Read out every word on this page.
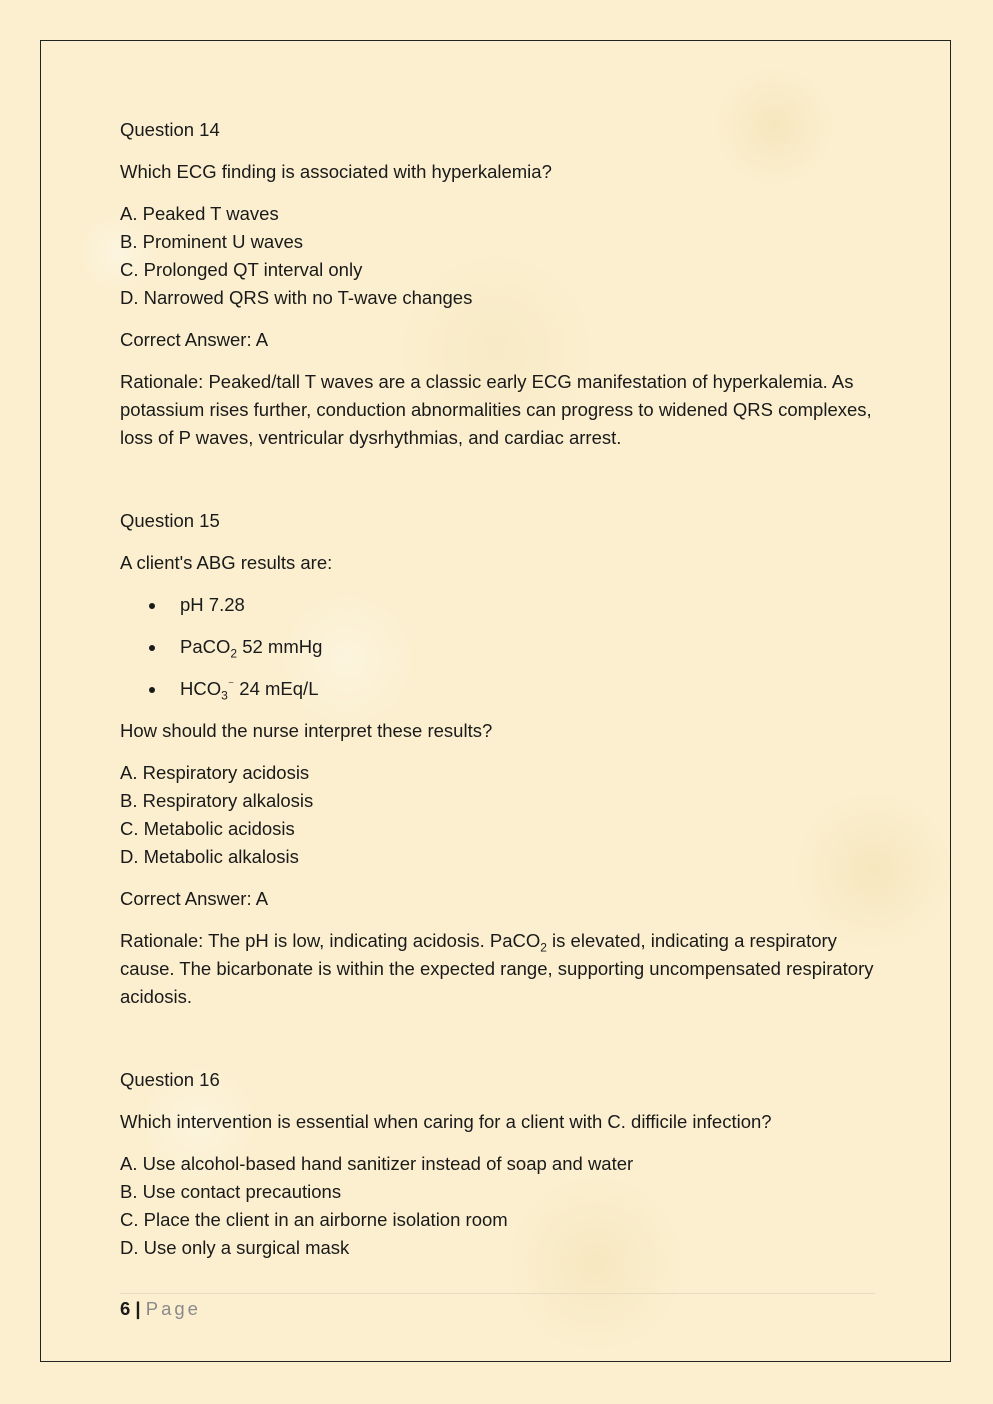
Question 14

Which ECG finding is associated with hyperkalemia?

A. Peaked T waves
B. Prominent U waves
C. Prolonged QT interval only
D. Narrowed QRS with no T-wave changes

Correct Answer: A

Rationale: Peaked/tall T waves are a classic early ECG manifestation of hyperkalemia. As potassium rises further, conduction abnormalities can progress to widened QRS complexes, loss of P waves, ventricular dysrhythmias, and cardiac arrest.

Question 15

A client's ABG results are:

pH 7.28
PaCO$_2$ 52 mmHg
$HCO_3^{^-}$ 24 mEq/L

How should the nurse interpret these results?

A. Respiratory acidosis
B. Respiratory alkalosis
C. Metabolic acidosis
D. Metabolic alkalosis

Correct Answer: A

Rationale: The pH is low, indicating acidosis. PaCO$_2$ is elevated, indicating a respiratory cause. The bicarbonate is within the expected range, supporting uncompensated respiratory acidosis.

Question 16

Which intervention is essential when caring for a client with C. difficile infection?

A. Use alcohol-based hand sanitizer instead of soap and water
B. Use contact precautions
C. Place the client in an airborne isolation room
D. Use only a surgical mask
6 | Page
